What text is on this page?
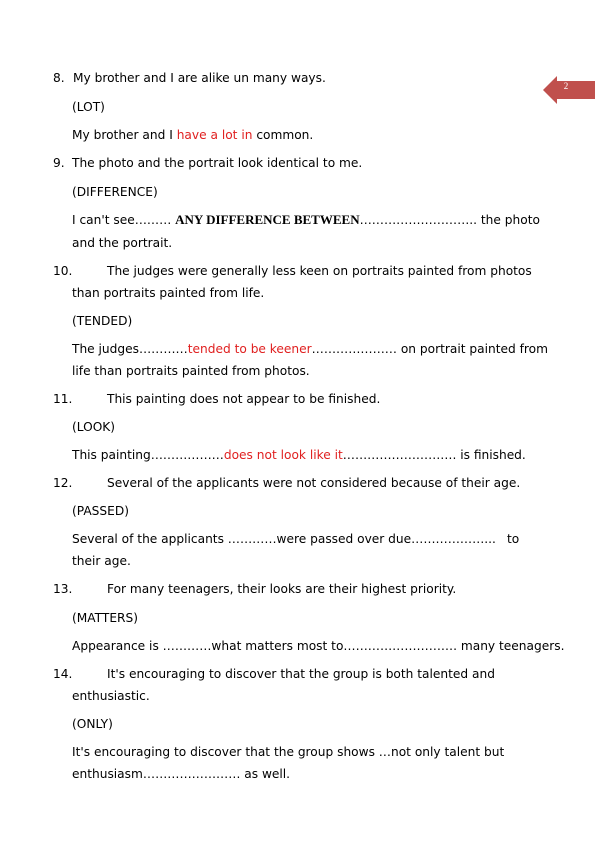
2
8. My brother and I are alike un many ways.
(LOT)
My brother and I have a lot in common.
9. The photo and the portrait look identical to me.
(DIFFERENCE)
I can't see……… ANY DIFFERENCE BETWEEN……………………….. the photo
and the portrait.
10.	The judges were generally less keen on portraits painted from photos
than portraits painted from life.
(TENDED)
The judges…………tended to be keener………………… on portrait painted from
life than portraits painted from photos.
11.	This painting does not appear to be finished.
(LOOK)
This painting………………does not look like it………………………. is finished.
12.	Several of the applicants were not considered because of their age.
(PASSED)
Several of the applicants …………were passed over due………………... to
their age.
13.	For many teenagers, their looks are their highest priority.
(MATTERS)
Appearance is …………what matters most to………………………. many teenagers.
14.	It's encouraging to discover that the group is both talented and
enthusiastic.
(ONLY)
It's encouraging to discover that the group shows …not only talent but
enthusiasm…………………… as well.
